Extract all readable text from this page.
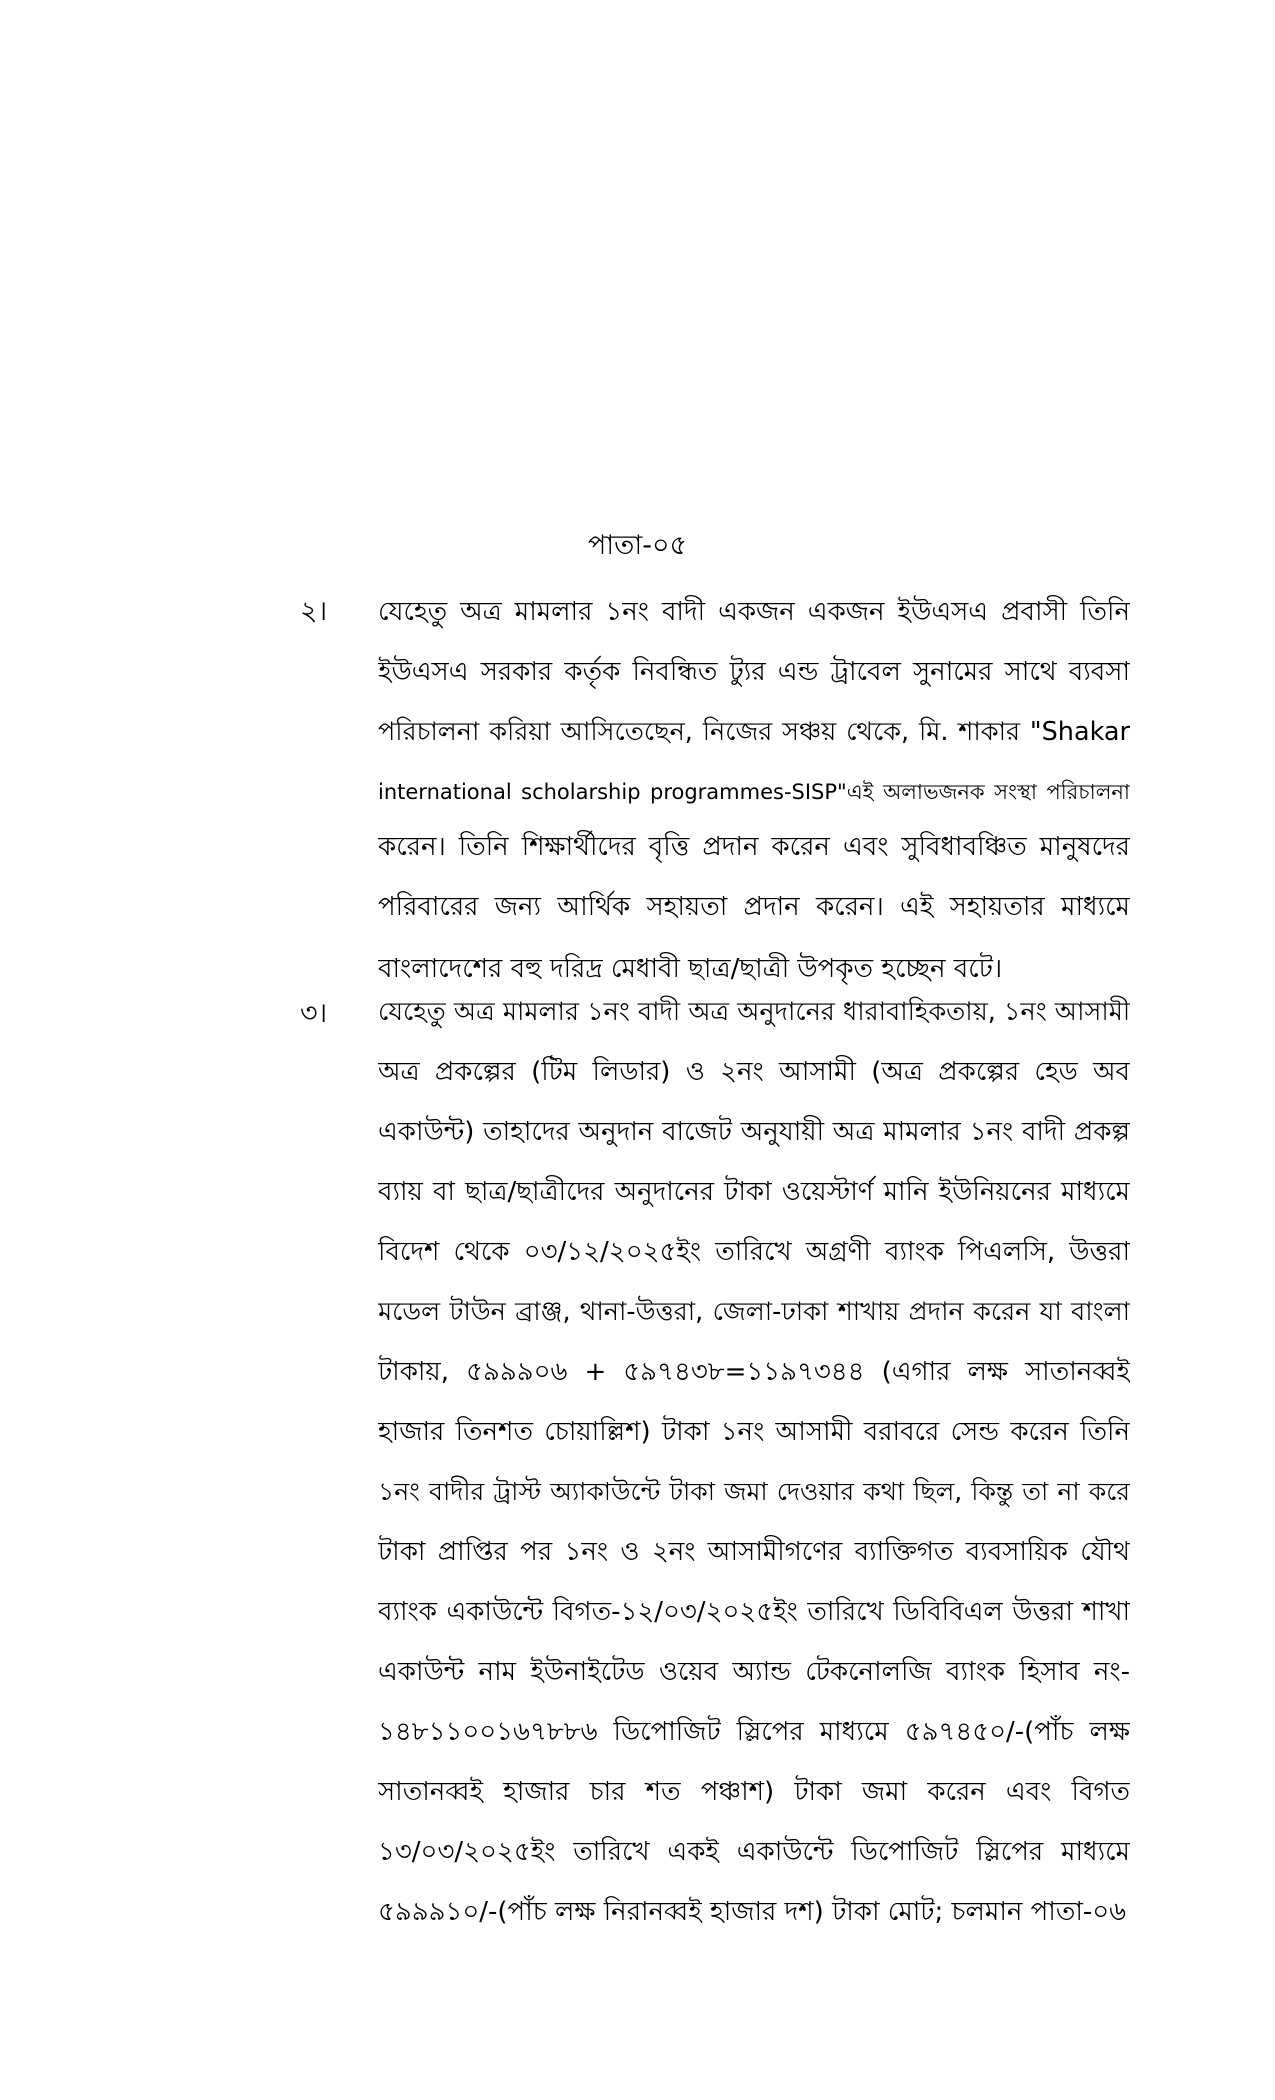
পাতা-০৫
২। যেহেতু অত্র মামলার ১নং বাদী একজন একজন ইউএসএ প্রবাসী তিনি
ইউএসএ সরকার কর্তৃক নিবন্ধিত ট্যুর এন্ড ট্রাবেল সুনামের সাথে ব্যবসা
পরিচালনা করিয়া আসিতেছেন, নিজের সঞ্চয় থেকে, মি. শাকার "Shakar
international scholarship programmes-SISP"এই অলাভজনক সংস্থা পরিচালনা
করেন। তিনি শিক্ষার্থীদের বৃত্তি প্রদান করেন এবং সুবিধাবঞ্চিত মানুষদের
পরিবারের জন্য আর্থিক সহায়তা প্রদান করেন। এই সহায়তার মাধ্যমে
বাংলাদেশের বহু দরিদ্র মেধাবী ছাত্র/ছাত্রী উপকৃত হচ্ছেন বটে।
৩। যেহেতু অত্র মামলার ১নং বাদী অত্র অনুদানের ধারাবাহিকতায়, ১নং আসামী
অত্র প্রকল্পের (টিম লিডার) ও ২নং আসামী (অত্র প্রকল্পের হেড অব
একাউন্ট) তাহাদের অনুদান বাজেট অনুযায়ী অত্র মামলার ১নং বাদী প্রকল্প
ব্যায় বা ছাত্র/ছাত্রীদের অনুদানের টাকা ওয়েস্টার্ণ মানি ইউনিয়নের মাধ্যমে
বিদেশ থেকে ০৩/১২/২০২৫ইং তারিখে অগ্রণী ব্যাংক পিএলসি, উত্তরা
মডেল টাউন ব্রাঞ্জ, থানা-উত্তরা, জেলা-ঢাকা শাখায় প্রদান করেন যা বাংলা
টাকায়, ৫৯৯৯০৬ + ৫৯৭৪৩৮=১১৯৭৩৪৪ (এগার লক্ষ সাতানব্বই
হাজার তিনশত চোয়াল্লিশ) টাকা ১নং আসামী বরাবরে সেন্ড করেন তিনি
১নং বাদীর ট্রাস্ট অ্যাকাউন্টে টাকা জমা দেওয়ার কথা ছিল, কিন্তু তা না করে
টাকা প্রাপ্তির পর ১নং ও ২নং আসামীগণের ব্যাক্তিগত ব্যবসায়িক যৌথ
ব্যাংক একাউন্টে বিগত-১২/০৩/২০২৫ইং তারিখে ডিবিবিএল উত্তরা শাখা
একাউন্ট নাম ইউনাইটেড ওয়েব অ্যান্ড টেকনোলজি ব্যাংক হিসাব নং-
১৪৮১১০০১৬৭৮৮৬ ডিপোজিট স্লিপের মাধ্যমে ৫৯৭৪৫০/-(পাঁচ লক্ষ
সাতানব্বই হাজার চার শত পঞ্চাশ) টাকা জমা করেন এবং বিগত
১৩/০৩/২০২৫ইং তারিখে একই একাউন্টে ডিপোজিট স্লিপের মাধ্যমে
৫৯৯৯১০/-(পাঁচ লক্ষ নিরানব্বই হাজার দশ) টাকা মোট; চলমান পাতা-০৬
